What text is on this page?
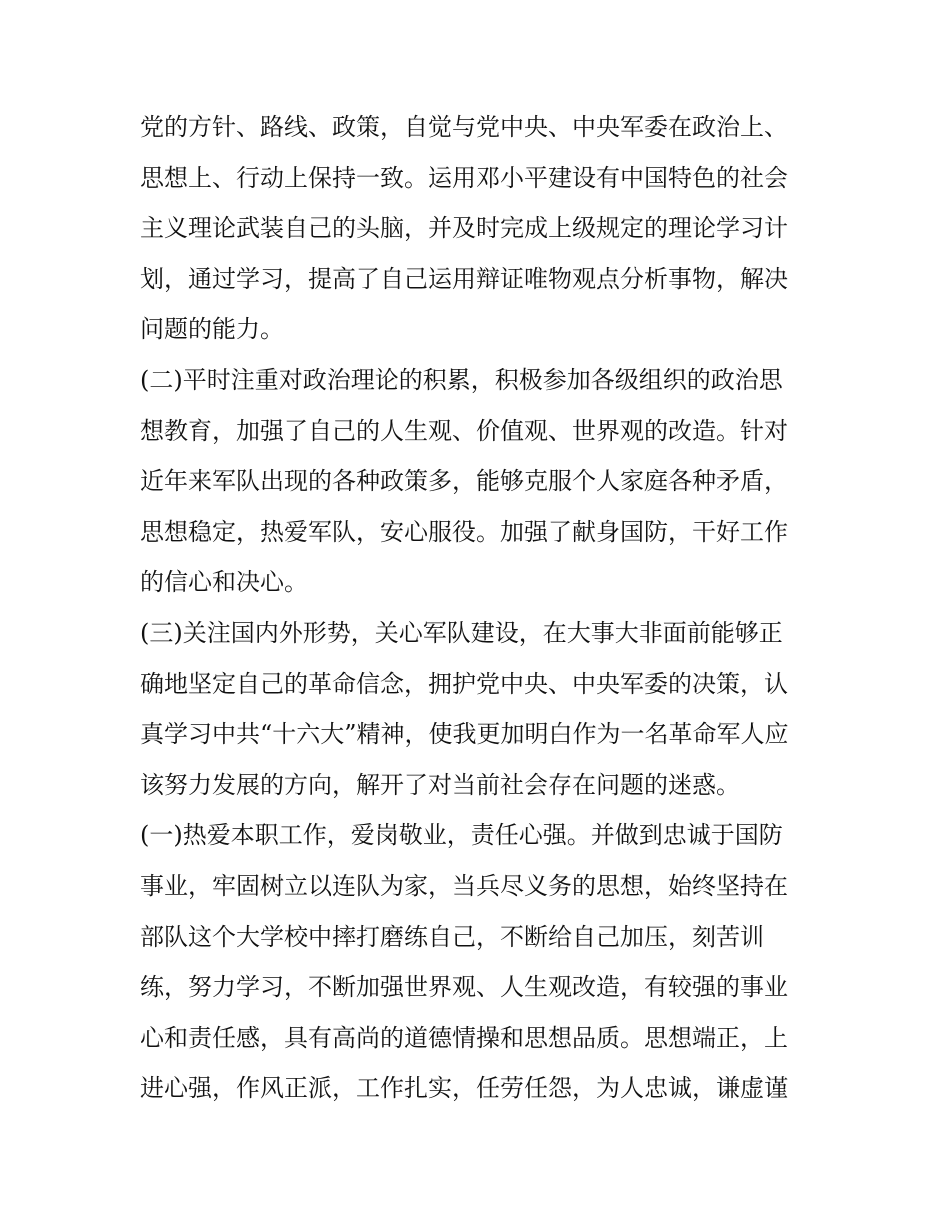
党的方针、路线、政策，自觉与党中央、中央军委在政治上、
思想上、行动上保持一致。运用邓小平建设有中国特色的社会
主义理论武装自己的头脑，并及时完成上级规定的理论学习计
划，通过学习，提高了自己运用辩证唯物观点分析事物，解决
问题的能力。
(二)平时注重对政治理论的积累，积极参加各级组织的政治思
想教育，加强了自己的人生观、价值观、世界观的改造。针对
近年来军队出现的各种政策多，能够克服个人家庭各种矛盾，
思想稳定，热爱军队，安心服役。加强了献身国防，干好工作
的信心和决心。
(三)关注国内外形势，关心军队建设，在大事大非面前能够正
确地坚定自己的革命信念，拥护党中央、中央军委的决策，认
真学习中共“十六大”精神，使我更加明白作为一名革命军人应
该努力发展的方向，解开了对当前社会存在问题的迷惑。
(一)热爱本职工作，爱岗敬业，责任心强。并做到忠诚于国防
事业，牢固树立以连队为家，当兵尽义务的思想，始终坚持在
部队这个大学校中摔打磨练自己，不断给自己加压，刻苦训
练，努力学习，不断加强世界观、人生观改造，有较强的事业
心和责任感，具有高尚的道德情操和思想品质。思想端正，上
进心强，作风正派，工作扎实，任劳任怨，为人忠诚，谦虚谨
